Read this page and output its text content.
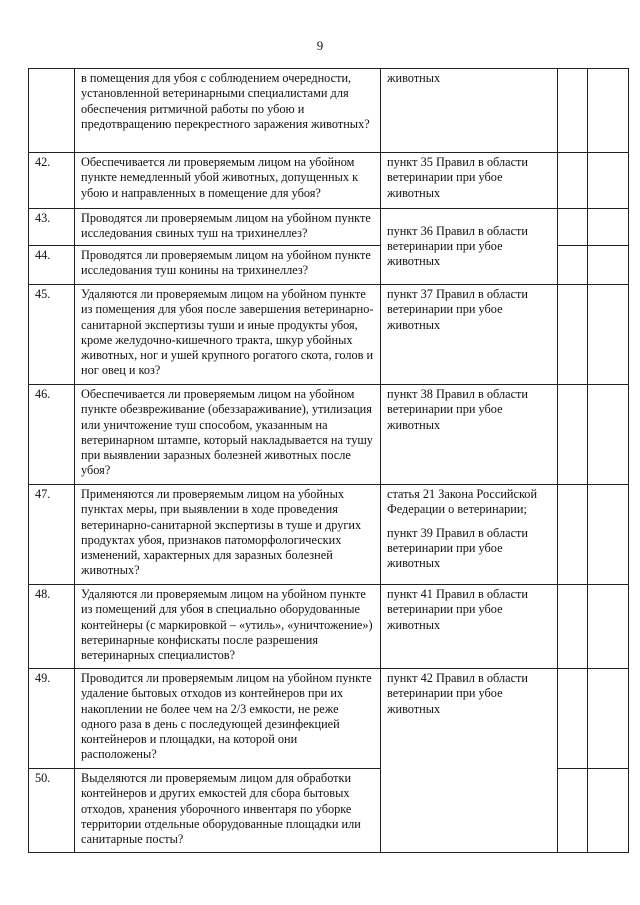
9
	в помещения для убоя с соблюдением очередности, установленной ветеринарными специалистами для обеспечения ритмичной работы по убою и предотвращению перекрестного заражения животных?	животных		
42.	Обеспечивается ли проверяемым лицом на убойном пункте немедленный убой животных, допущенных к убою и направленных в помещение для убоя?	пункт 35 Правил в области ветеринарии при убое животных		
43.	Проводятся ли проверяемым лицом на убойном пункте исследования свиных туш на трихинеллез?	пункт 36 Правил в области ветеринарии при убое животных		
44.	Проводятся ли проверяемым лицом на убойном пункте исследования туш конины на трихинеллез?			
45.	Удаляются ли проверяемым лицом на убойном пункте из помещения для убоя после завершения ветеринарно-санитарной экспертизы туши и иные продукты убоя, кроме желудочно-кишечного тракта, шкур убойных животных, ног и ушей крупного рогатого скота, голов и ног овец и коз?	пункт 37 Правил в области ветеринарии при убое животных		
46.	Обеспечивается ли проверяемым лицом на убойном пункте обезвреживание (обеззараживание), утилизация или уничтожение туш способом, указанным на ветеринарном штампе, который накладывается на тушу при выявлении заразных болезней животных после убоя?	пункт 38 Правил в области ветеринарии при убое животных		
47.	Применяются ли проверяемым лицом на убойных пунктах меры, при выявлении в ходе проведения ветеринарно-санитарной экспертизы в туше и других продуктах убоя, признаков патоморфологических изменений, характерных для заразных болезней животных?	статья 21 Закона Российской Федерации о ветеринарии;
пункт 39 Правил в области ветеринарии при убое животных		

48.	Удаляются ли проверяемым лицом на убойном пункте из помещений для убоя в специально оборудованные контейнеры (с маркировкой – «утиль», «уничтожение») ветеринарные конфискаты после разрешения ветеринарных специалистов?	пункт 41 Правил в области ветеринарии при убое животных		
49.	Проводится ли проверяемым лицом на убойном пункте удаление бытовых отходов из контейнеров при их накоплении не более чем на 2/3 емкости, не реже одного раза в день с последующей дезинфекцией контейнеров и площадки, на которой они расположены?	пункт 42 Правил в области ветеринарии при убое животных		
50.	Выделяются ли проверяемым лицом для обработки контейнеров и других емкостей для сбора бытовых отходов, хранения уборочного инвентаря по уборке территории отдельные оборудованные площадки или санитарные посты?			
